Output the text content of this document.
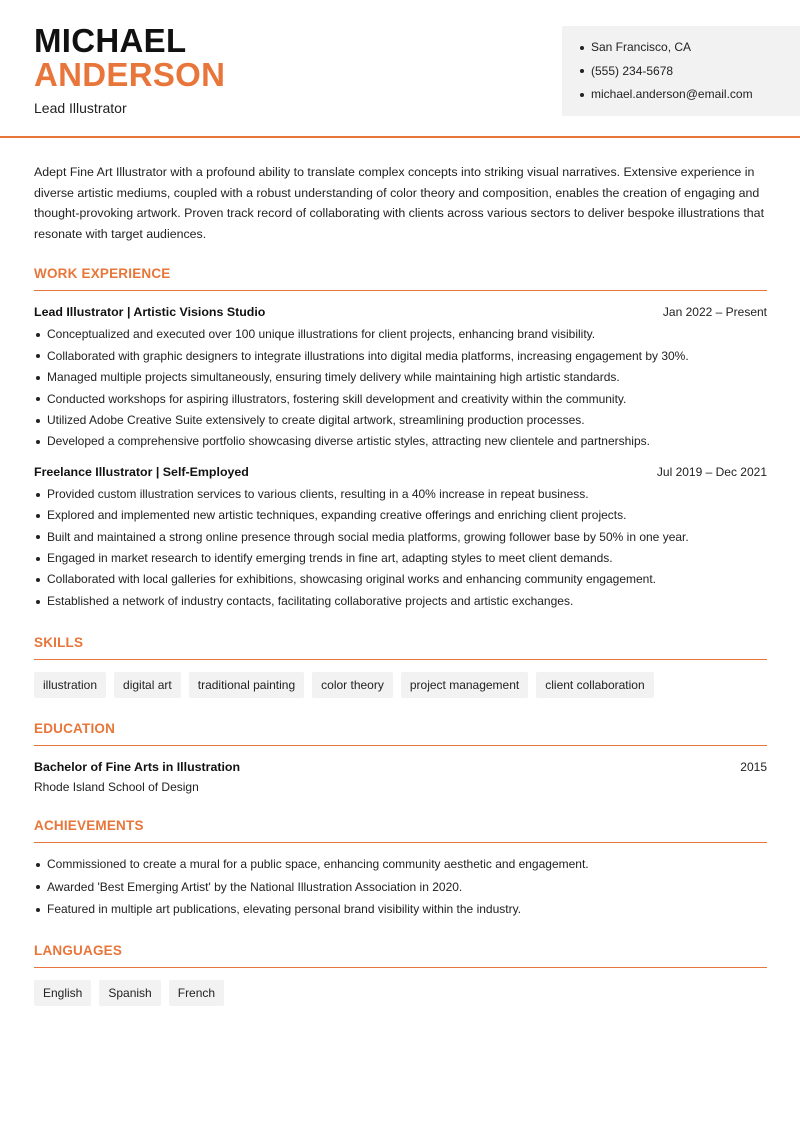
MICHAEL
ANDERSON
Lead Illustrator
San Francisco, CA
(555) 234-5678
michael.anderson@email.com

Adept Fine Art Illustrator with a profound ability to translate complex concepts into striking visual narratives. Extensive experience in diverse artistic mediums, coupled with a robust understanding of color theory and composition, enables the creation of engaging and thought-provoking artwork. Proven track record of collaborating with clients across various sectors to deliver bespoke illustrations that resonate with target audiences.

WORK EXPERIENCE
Lead Illustrator | Artistic Visions Studio	Jan 2022 – Present
Conceptualized and executed over 100 unique illustrations for client projects, enhancing brand visibility.
Collaborated with graphic designers to integrate illustrations into digital media platforms, increasing engagement by 30%.
Managed multiple projects simultaneously, ensuring timely delivery while maintaining high artistic standards.
Conducted workshops for aspiring illustrators, fostering skill development and creativity within the community.
Utilized Adobe Creative Suite extensively to create digital artwork, streamlining production processes.
Developed a comprehensive portfolio showcasing diverse artistic styles, attracting new clientele and partnerships.
Freelance Illustrator | Self-Employed	Jul 2019 – Dec 2021
Provided custom illustration services to various clients, resulting in a 40% increase in repeat business.
Explored and implemented new artistic techniques, expanding creative offerings and enriching client projects.
Built and maintained a strong online presence through social media platforms, growing follower base by 50% in one year.
Engaged in market research to identify emerging trends in fine art, adapting styles to meet client demands.
Collaborated with local galleries for exhibitions, showcasing original works and enhancing community engagement.
Established a network of industry contacts, facilitating collaborative projects and artistic exchanges.
SKILLS
illustration	digital art	traditional painting	color theory	project management	client collaboration
EDUCATION
Bachelor of Fine Arts in Illustration	2015
Rhode Island School of Design
ACHIEVEMENTS
Commissioned to create a mural for a public space, enhancing community aesthetic and engagement.
Awarded 'Best Emerging Artist' by the National Illustration Association in 2020.
Featured in multiple art publications, elevating personal brand visibility within the industry.
LANGUAGES
English	Spanish	French
